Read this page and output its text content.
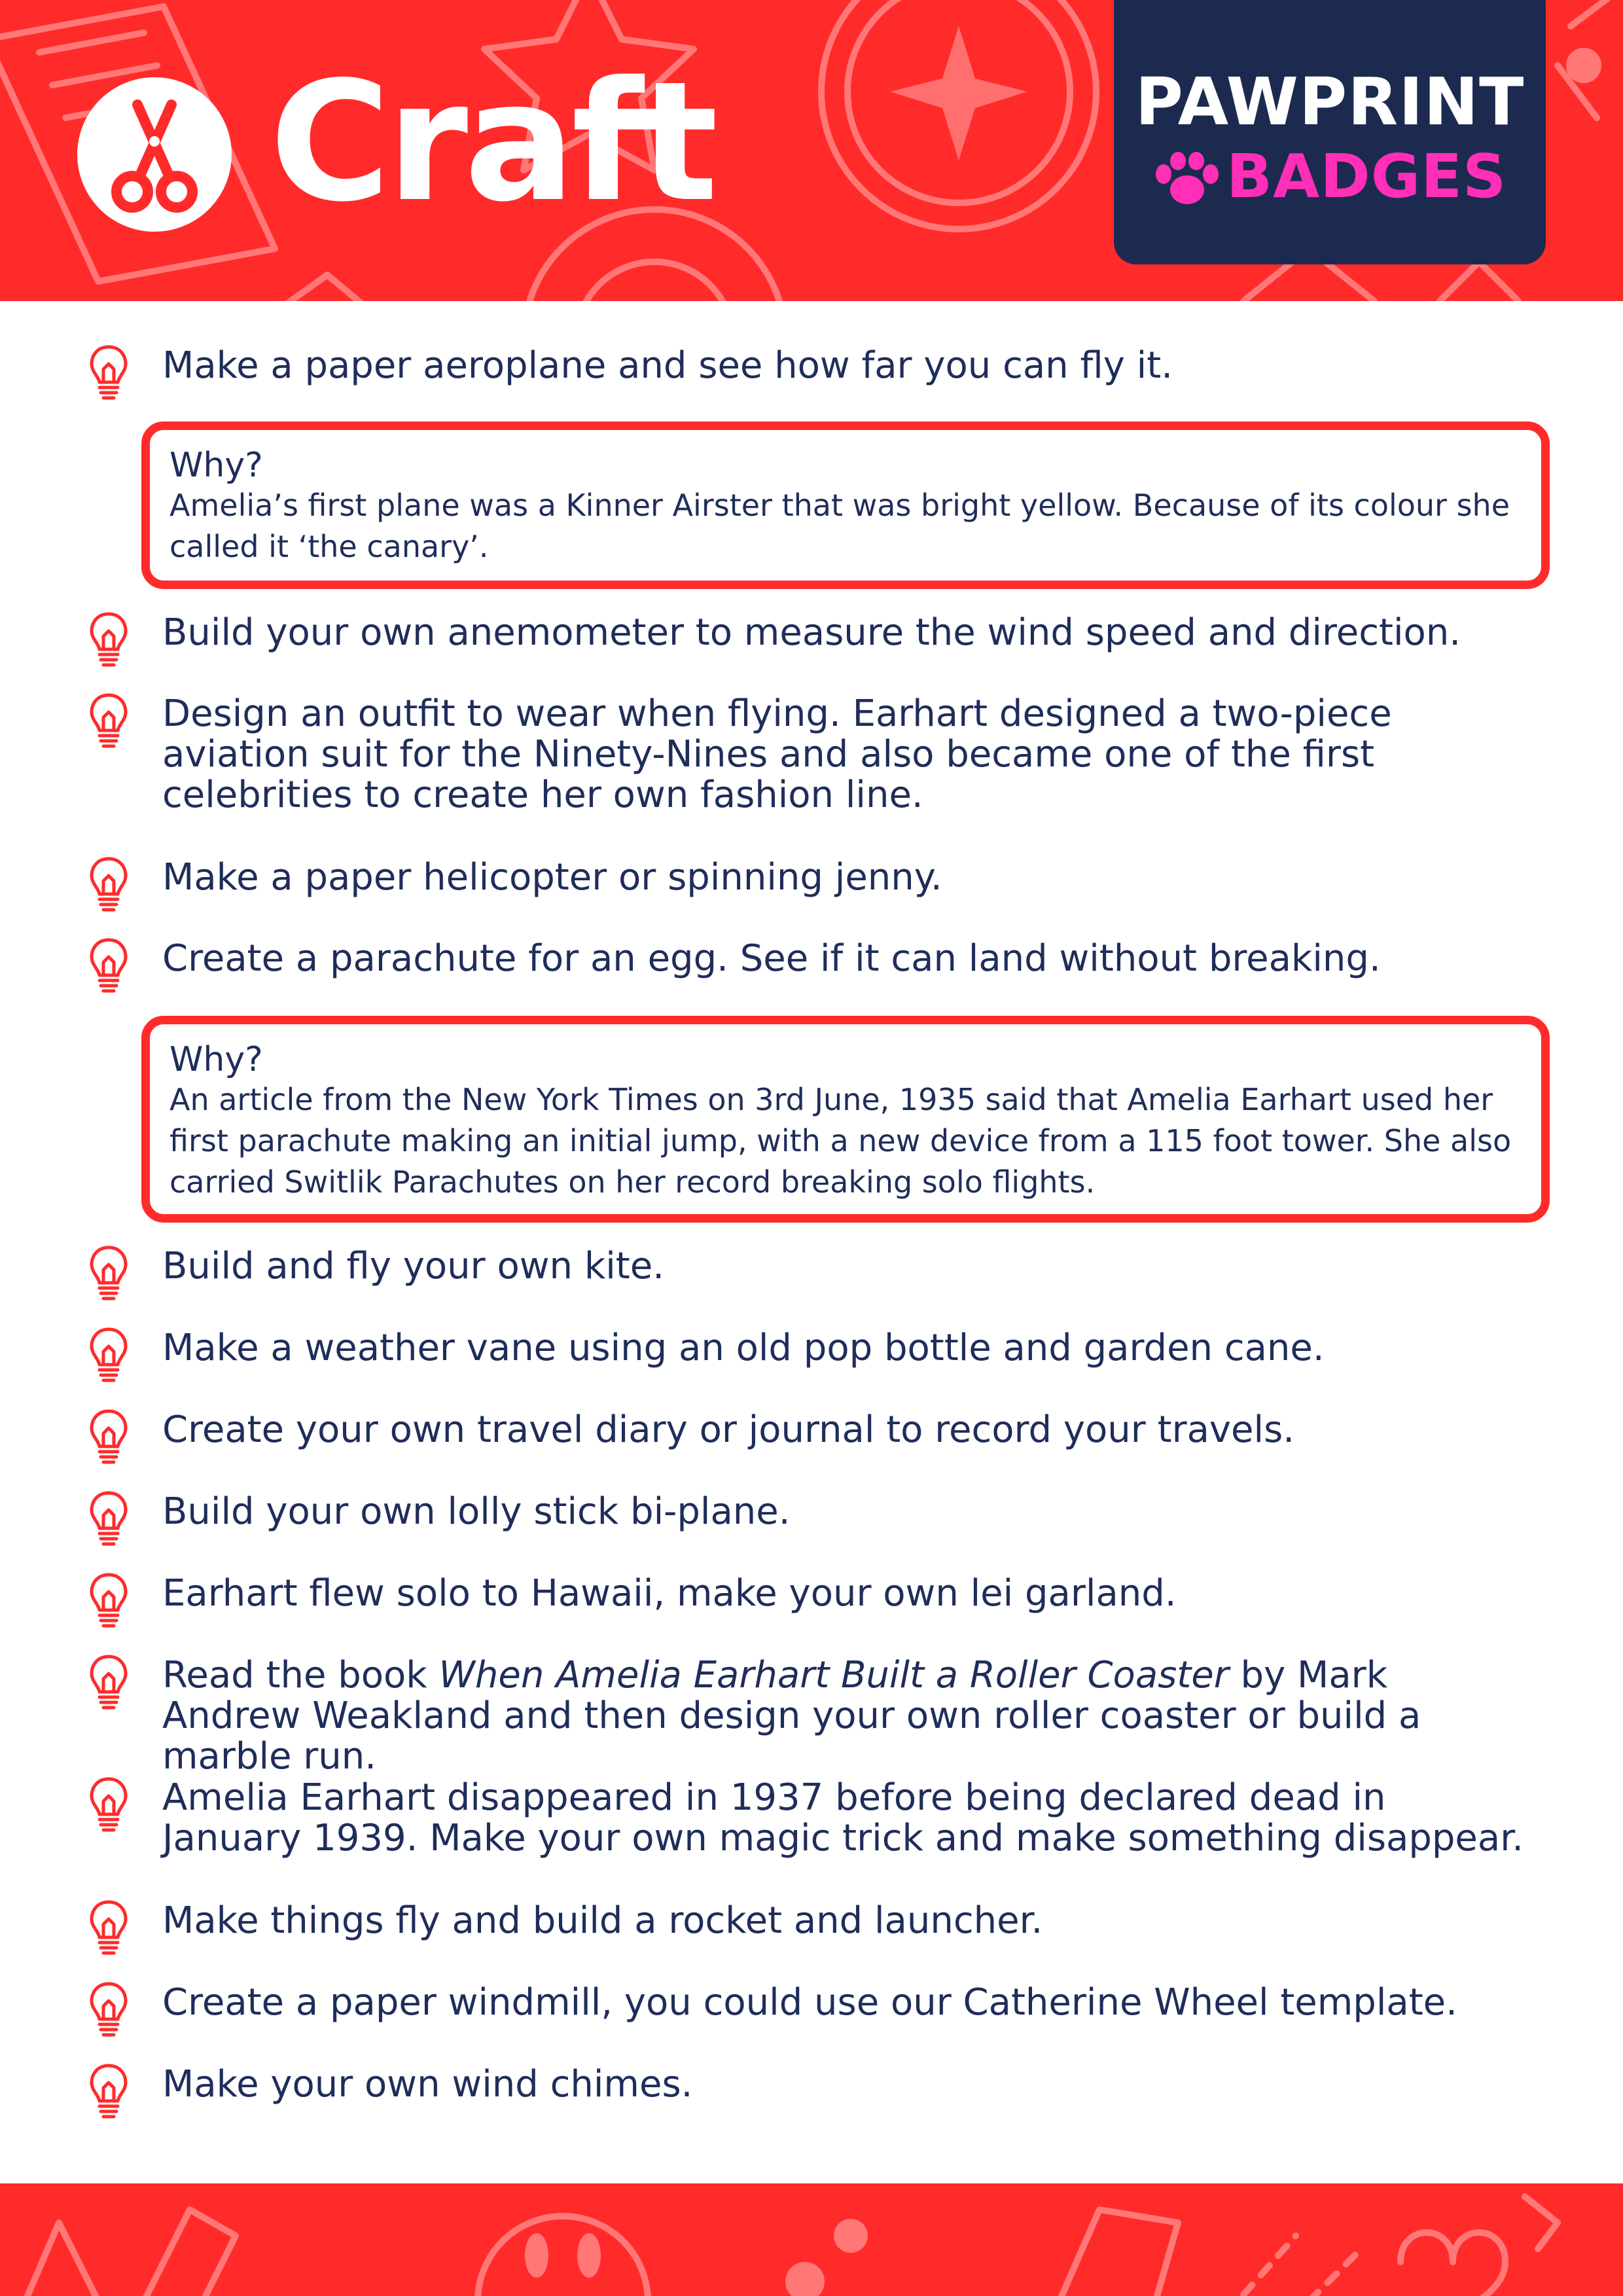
Craft	PAWPRINT
BADGES

Make a paper aeroplane and see how far you can fly it.

Why?

Amelia’s first plane was a Kinner Airster that was bright yellow. Because of its colour she called it ‘the canary’.

Build your own anemometer to measure the wind speed and direction.

Design an outfit to wear when flying. Earhart designed a two-piece aviation suit for the Ninety-Nines and also became one of the first celebrities to create her own fashion line.

Make a paper helicopter or spinning jenny.

Create a parachute for an egg. See if it can land without breaking.

Why?

An article from the New York Times on 3rd June, 1935 said that Amelia Earhart used her first parachute making an initial jump, with a new device from a 115 foot tower. She also carried Switlik Parachutes on her record breaking solo flights.

Build and fly your own kite.

Make a weather vane using an old pop bottle and garden cane.

Create your own travel diary or journal to record your travels.

Build your own lolly stick bi-plane.

Earhart flew solo to Hawaii, make your own lei garland.

Read the book When Amelia Earhart Built a Roller Coaster by Mark Andrew Weakland and then design your own roller coaster or build a marble run.

Amelia Earhart disappeared in 1937 before being declared dead in January 1939. Make your own magic trick and make something disappear.

Make things fly and build a rocket and launcher.

Create a paper windmill, you could use our Catherine Wheel template.

Make your own wind chimes.
